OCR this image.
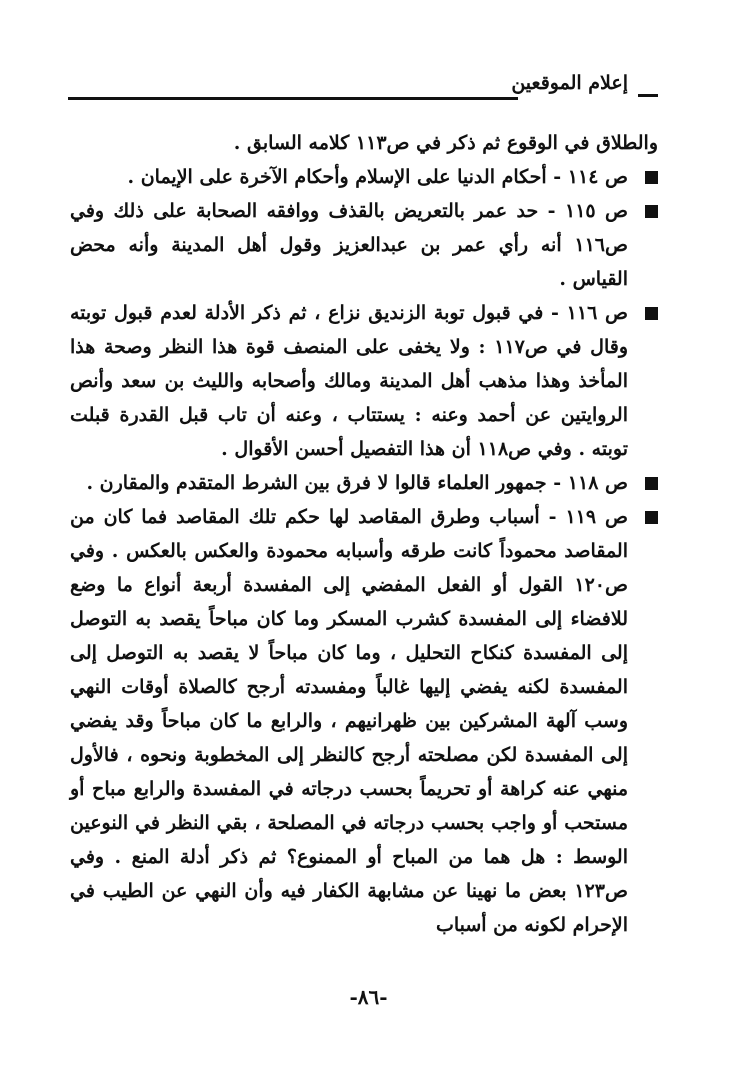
إعلام الموقعين

والطلاق في الوقوع ثم ذكر في ص١١٣ كلامه السابق .

ص ١١٤ - أحكام الدنيا على الإسلام وأحكام الآخرة على الإيمان .
ص ١١٥ - حد عمر بالتعريض بالقذف ووافقه الصحابة على ذلك وفي ص١١٦ أنه رأي عمر بن عبدالعزيز وقول أهل المدينة وأنه محض القياس .
ص ١١٦ - في قبول توبة الزنديق نزاع ، ثم ذكر الأدلة لعدم قبول توبته وقال في ص١١٧ : ولا يخفى على المنصف قوة هذا النظر وصحة هذا المأخذ وهذا مذهب أهل المدينة ومالك وأصحابه والليث بن سعد وأنص الروايتين عن أحمد وعنه : يستتاب ، وعنه أن تاب قبل القدرة قبلت توبته . وفي ص١١٨ أن هذا التفصيل أحسن الأقوال .
ص ١١٨ - جمهور العلماء قالوا لا فرق بين الشرط المتقدم والمقارن .
ص ١١٩ - أسباب وطرق المقاصد لها حكم تلك المقاصد فما كان من المقاصد محموداً كانت طرقه وأسبابه محمودة والعكس بالعكس . وفي ص١٢٠ القول أو الفعل المفضي إلى المفسدة أربعة أنواع ما وضع للافضاء إلى المفسدة كشرب المسكر وما كان مباحاً يقصد به التوصل إلى المفسدة كنكاح التحليل ، وما كان مباحاً لا يقصد به التوصل إلى المفسدة لكنه يفضي إليها غالباً ومفسدته أرجح كالصلاة أوقات النهي وسب آلهة المشركين بين ظهرانيهم ، والرابع ما كان مباحاً وقد يفضي إلى المفسدة لكن مصلحته أرجح كالنظر إلى المخطوبة ونحوه ، فالأول منهي عنه كراهة أو تحريماً بحسب درجاته في المفسدة والرابع مباح أو مستحب أو واجب بحسب درجاته في المصلحة ، بقي النظر في النوعين الوسط : هل هما من المباح أو الممنوع؟ ثم ذكر أدلة المنع . وفي ص١٢٣ بعض ما نهينا عن مشابهة الكفار فيه وأن النهي عن الطيب في الإحرام لكونه من أسباب
-٨٦-
